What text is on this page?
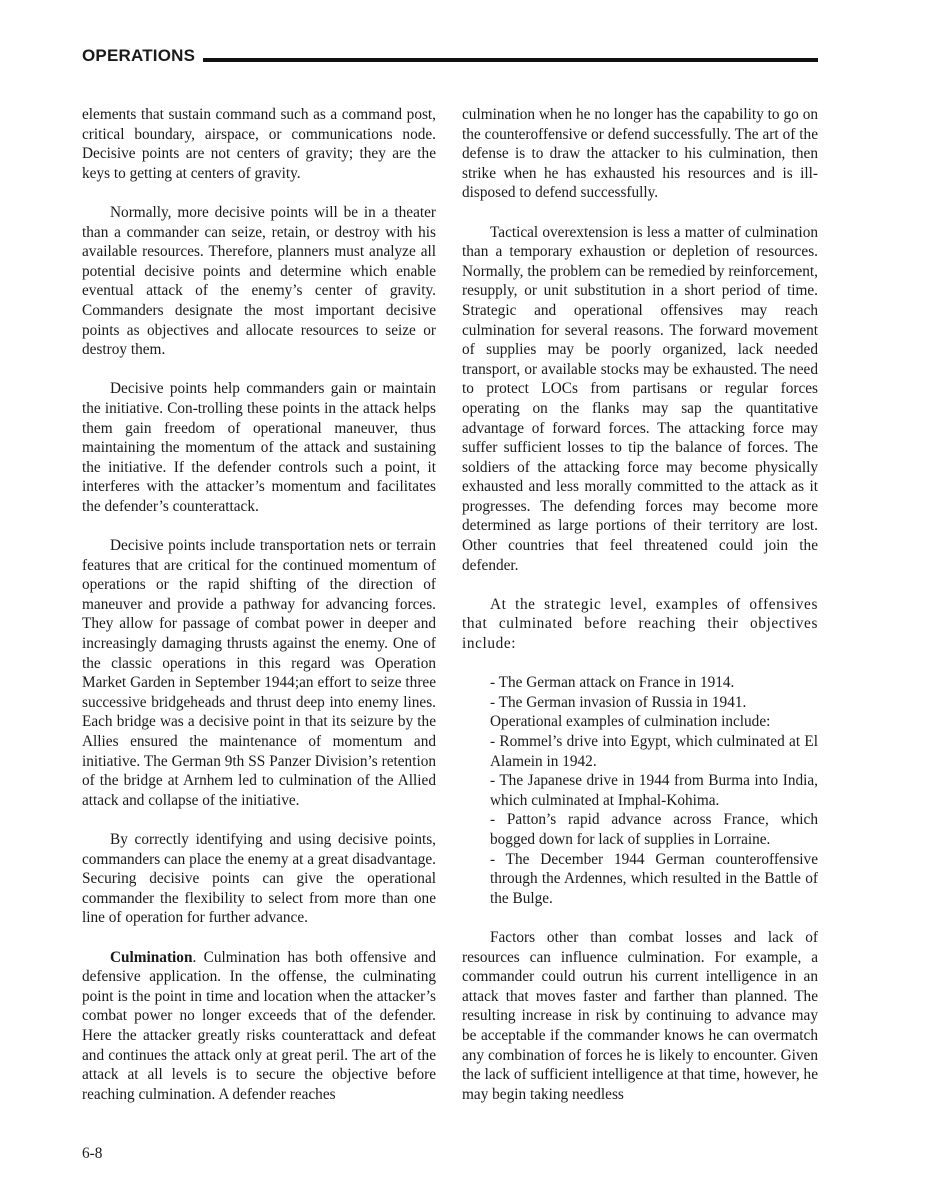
OPERATIONS

elements that sustain command such as a command post, critical boundary, airspace, or communications node. Decisive points are not centers of gravity; they are the keys to getting at centers of gravity.

Normally, more decisive points will be in a theater than a commander can seize, retain, or destroy with his available resources. Therefore, planners must analyze all potential decisive points and determine which enable eventual attack of the enemy’s center of gravity. Commanders designate the most important decisive points as objectives and allocate resources to seize or destroy them.

Decisive points help commanders gain or maintain the initiative. Con-trolling these points in the attack helps them gain freedom of operational maneuver, thus maintaining the momentum of the attack and sustaining the initiative. If the defender controls such a point, it interferes with the attacker’s momentum and facilitates the defender’s counterattack.

Decisive points include transportation nets or terrain features that are critical for the continued momentum of operations or the rapid shifting of the direction of maneuver and provide a pathway for advancing forces. They allow for passage of combat power in deeper and increasingly damaging thrusts against the enemy. One of the classic operations in this regard was Operation Market Garden in September 1944;an effort to seize three successive bridgeheads and thrust deep into enemy lines. Each bridge was a decisive point in that its seizure by the Allies ensured the maintenance of momentum and initiative. The German 9th SS Panzer Division’s retention of the bridge at Arnhem led to culmination of the Allied attack and collapse of the initiative.

By correctly identifying and using decisive points, commanders can place the enemy at a great disadvantage. Securing decisive points can give the operational commander the flexibility to select from more than one line of operation for further advance.

Culmination. Culmination has both offensive and defensive application. In the offense, the culminating point is the point in time and location when the attacker’s combat power no longer exceeds that of the defender. Here the attacker greatly risks counterattack and defeat and continues the attack only at great peril. The art of the attack at all levels is to secure the objective before reaching culmination. A defender reaches

culmination when he no longer has the capability to go on the counteroffensive or defend successfully. The art of the defense is to draw the attacker to his culmination, then strike when he has exhausted his resources and is ill-disposed to defend successfully.

Tactical overextension is less a matter of culmination than a temporary exhaustion or depletion of resources. Normally, the problem can be remedied by reinforcement, resupply, or unit substitution in a short period of time. Strategic and operational offensives may reach culmination for several reasons. The forward movement of supplies may be poorly organized, lack needed transport, or available stocks may be exhausted. The need to protect LOCs from partisans or regular forces operating on the flanks may sap the quantitative advantage of forward forces. The attacking force may suffer sufficient losses to tip the balance of forces. The soldiers of the attacking force may become physically exhausted and less morally committed to the attack as it progresses. The defending forces may become more determined as large portions of their territory are lost. Other countries that feel threatened could join the defender.

At the strategic level, examples of offensives that culminated before reaching their objectives include:

- The German attack on France in 1914.
- The German invasion of Russia in 1941.
Operational examples of culmination include:
- Rommel’s drive into Egypt, which culminated at El Alamein in 1942.
- The Japanese drive in 1944 from Burma into India, which culminated at Imphal-Kohima.
- Patton’s rapid advance across France, which bogged down for lack of supplies in Lorraine.
- The December 1944 German counteroffensive through the Ardennes, which resulted in the Battle of the Bulge.

Factors other than combat losses and lack of resources can influence culmination. For example, a commander could outrun his current intelligence in an attack that moves faster and farther than planned. The resulting increase in risk by continuing to advance may be acceptable if the commander knows he can overmatch any combination of forces he is likely to encounter. Given the lack of sufficient intelligence at that time, however, he may begin taking needless

6-8
